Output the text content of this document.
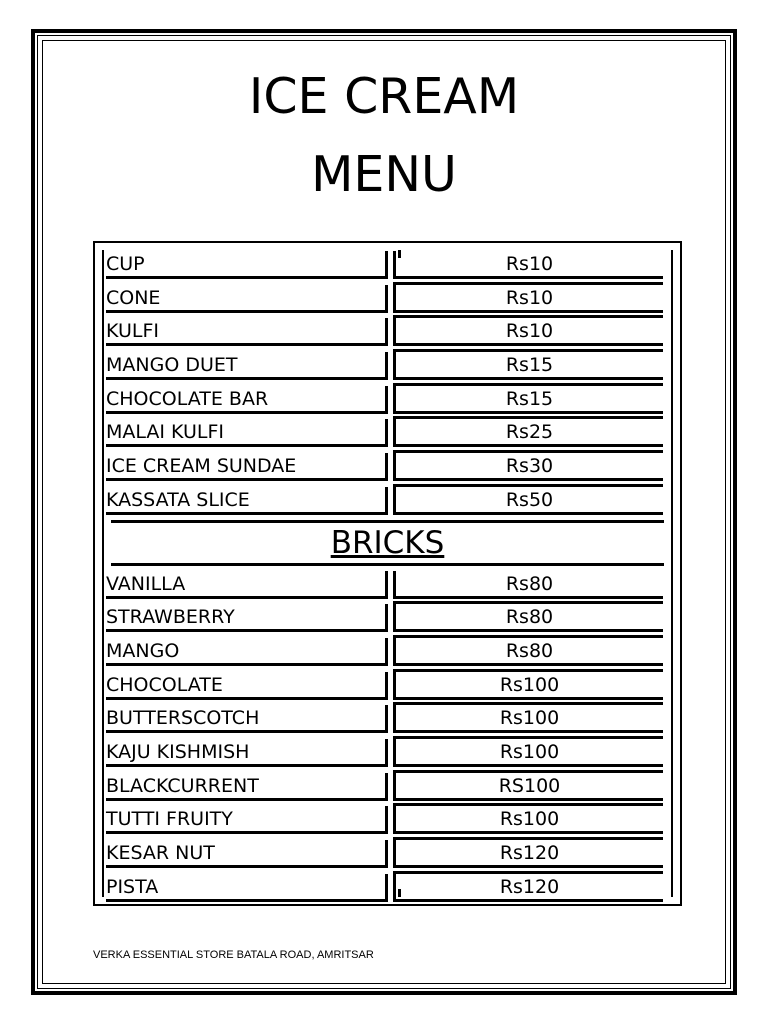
ICE CREAM
MENU
CUP	Rs10
CONE	Rs10
KULFI	Rs10
MANGO DUET	Rs15
CHOCOLATE BAR	Rs15
MALAI KULFI	Rs25
ICE CREAM SUNDAE	Rs30
KASSATA SLICE	Rs50
BRICKS
VANILLA	Rs80
STRAWBERRY	Rs80
MANGO	Rs80
CHOCOLATE	Rs100
BUTTERSCOTCH	Rs100
KAJU KISHMISH	Rs100
BLACKCURRENT	RS100
TUTTI FRUITY	Rs100
KESAR NUT	Rs120
PISTA	Rs120
VERKA ESSENTIAL STORE BATALA ROAD, AMRITSAR
